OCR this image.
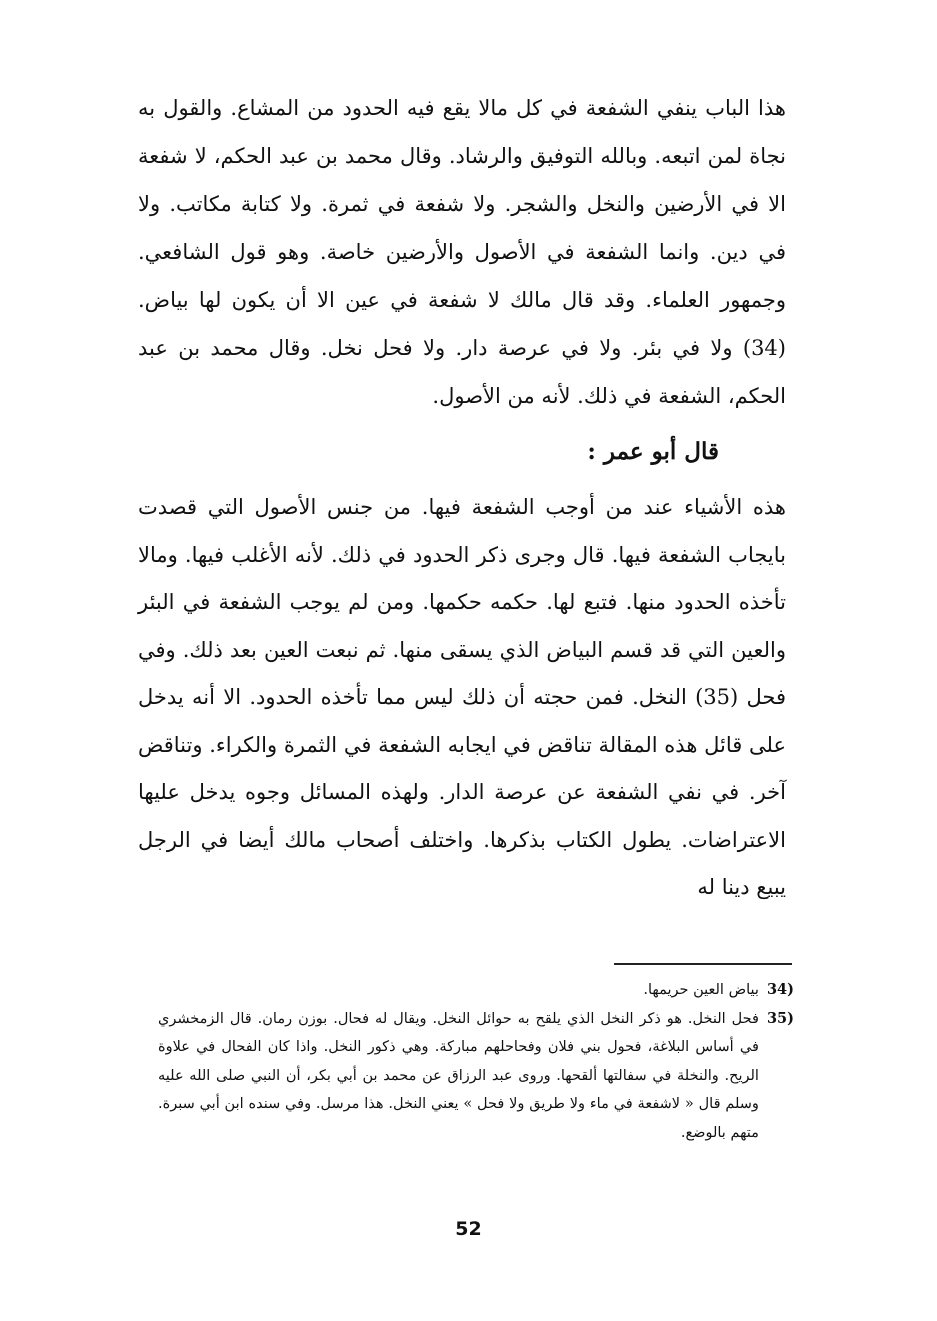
هذا الباب ينفي الشفعة في كل مالا يقع فيه الحدود من المشاع. والقول به نجاة لمن اتبعه. وبالله التوفيق والرشاد. وقال محمد بن عبد الحكم، لا شفعة الا في الأرضين والنخل والشجر. ولا شفعة في ثمرة. ولا كتابة مكاتب. ولا في دين. وانما الشفعة في الأصول والأرضين خاصة. وهو قول الشافعي. وجمهور العلماء. وقد قال مالك لا شفعة في عين الا أن يكون لها بياض. (34) ولا في بئر. ولا في عرصة دار. ولا فحل نخل. وقال محمد بن عبد الحكم، الشفعة في ذلك. لأنه من الأصول.

قال أبو عمر :

هذه الأشياء عند من أوجب الشفعة فيها. من جنس الأصول التي قصدت بايجاب الشفعة فيها. قال وجرى ذكر الحدود في ذلك. لأنه الأغلب فيها. ومالا تأخذه الحدود منها. فتبع لها. حكمه حكمها. ومن لم يوجب الشفعة في البئر والعين التي قد قسم البياض الذي يسقى منها. ثم نبعت العين بعد ذلك. وفي فحل (35) النخل. فمن حجته أن ذلك ليس مما تأخذه الحدود. الا أنه يدخل على قائل هذه المقالة تناقض في ايجابه الشفعة في الثمرة والكراء. وتناقض آخر. في نفي الشفعة عن عرصة الدار. ولهذه المسائل وجوه يدخل عليها الاعتراضات. يطول الكتاب بذكرها. واختلف أصحاب مالك أيضا في الرجل يبيع دينا له

(34
بياض العين حريمها.

(35
فحل النخل. هو ذكر النخل الذي يلقح به حوائل النخل. ويقال له فحال. بوزن رمان. قال الزمخشري في أساس البلاغة، فحول بني فلان وفحاحلهم مباركة. وهي ذكور النخل. واذا كان الفحال في علاوة الريح. والنخلة في سفالتها ألقحها. وروى عبد الرزاق عن محمد بن أبي بكر، أن النبي صلى الله عليه وسلم قال « لاشفعة في ماء ولا طريق ولا فحل » يعني النخل. هذا مرسل. وفي سنده ابن أبي سبرة. متهم بالوضع.

52
